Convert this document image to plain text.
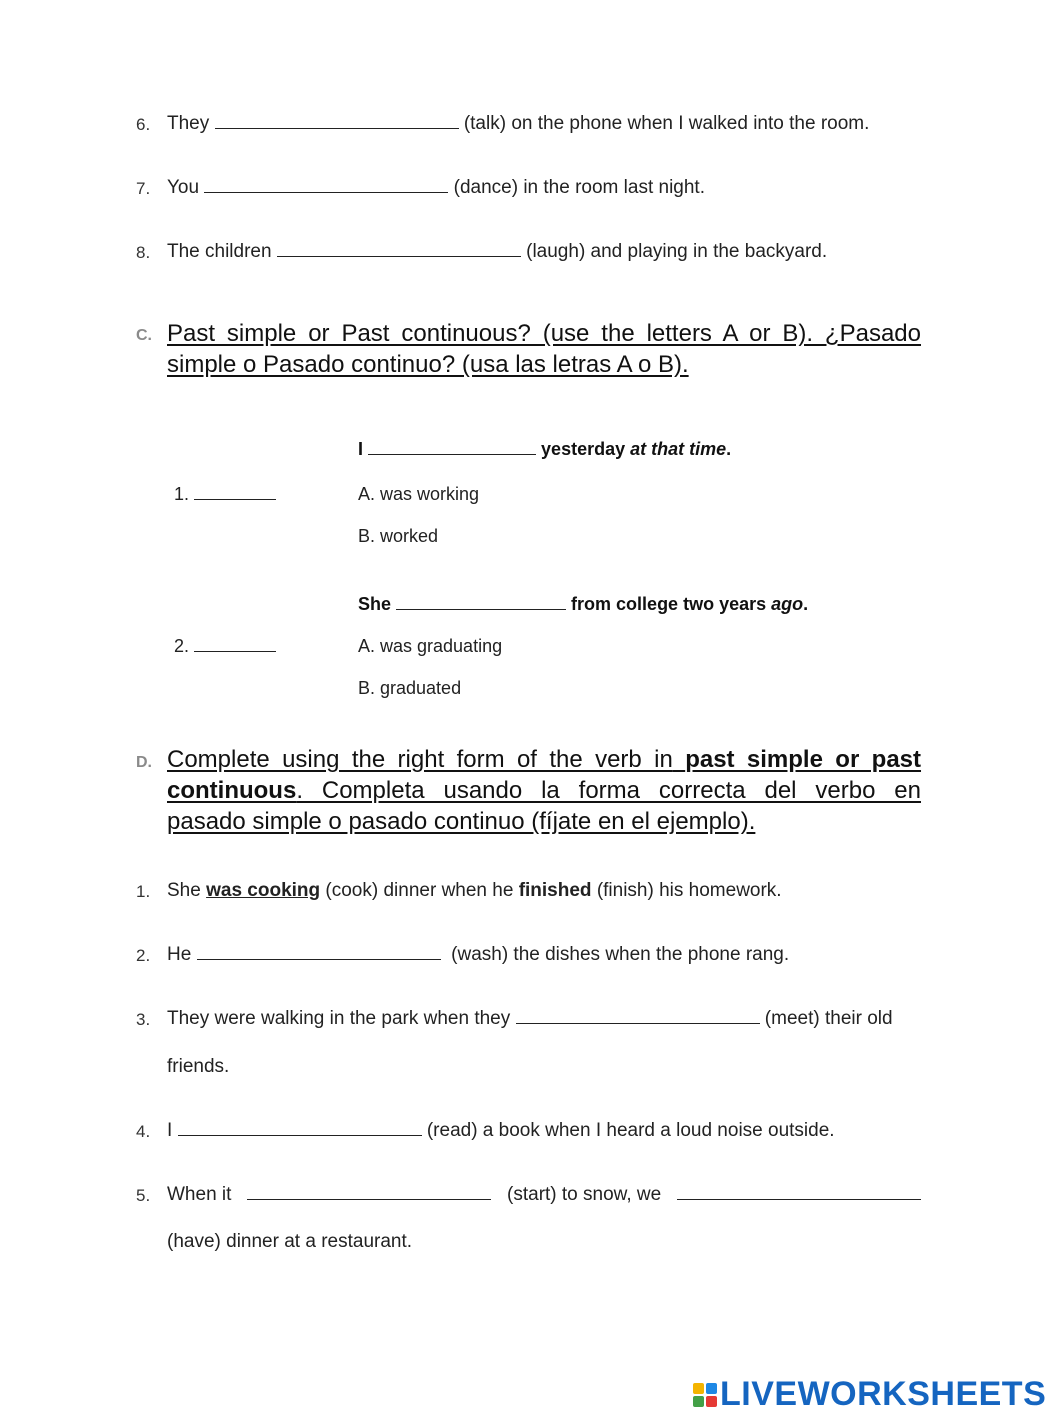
6. They	(talk) on the phone when I walked into the room.
7. You	(dance) in the room last night.
8. The children	(laugh) and playing in the backyard.
C. Past simple or Past continuous? (use the letters A or B). ¿Pasado
simple o Pasado continuo? (usa las letras A o B).
I	yesterday at that time.
1.	A. was working
B. worked
She	from college two years ago.
2.	A. was graduating
B. graduated
D. Complete using the right form of the verb in past simple or past
continuous. Completa usando la forma correcta del verbo en
pasado simple o pasado continuo (fíjate en el ejemplo).
1. She was cooking (cook) dinner when he finished (finish) his homework.
2. He	(wash) the dishes when the phone rang.
3. They were walking in the park when they	(meet) their old
friends.
4. I	(read) a book when I heard a loud noise outside.
5. When it	(start) to snow, we
(have) dinner at a restaurant.
LIVEWORKSHEETS
